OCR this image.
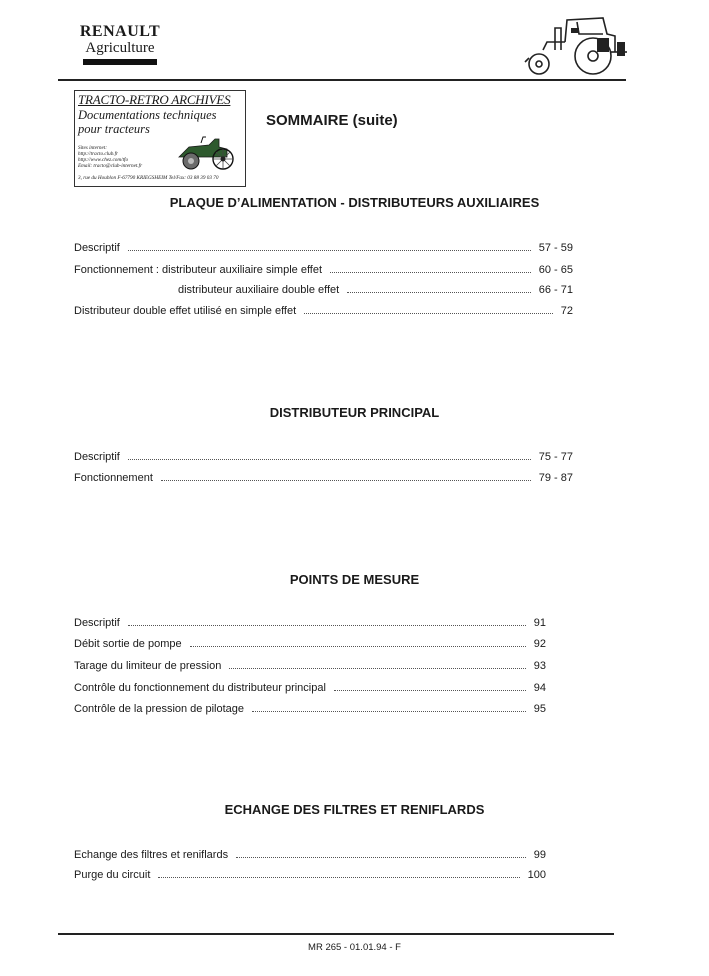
RENAULT
Agriculture
TRACTO-RETRO ARCHIVES
Documentations techniques
pour tracteurs
Sites internet:
http://tracto.club.fr
http://www.chez.com/tfo
Email: tracto@club-internet.fr
3, rue du Houblon F-67790 KRIEGSHEIM Tel/Fax: 03 88 39 03 70
SOMMAIRE (suite)
PLAQUE D’ALIMENTATION - DISTRIBUTEURS AUXILIAIRES
Descriptif	57 - 59
Fonctionnement : distributeur auxiliaire simple effet	60 - 65
distributeur auxiliaire double effet	66 - 71
Distributeur double effet utilisé en simple effet	72
DISTRIBUTEUR PRINCIPAL
Descriptif	75 - 77
Fonctionnement	79 - 87
POINTS DE MESURE
Descriptif	91
Débit sortie de pompe	92
Tarage du limiteur de pression	93
Contrôle du fonctionnement du distributeur principal	94
Contrôle de la pression de pilotage	95
ECHANGE DES FILTRES ET RENIFLARDS
Echange des filtres et reniflards	99
Purge du circuit	100
MR 265 - 01.01.94 - F
